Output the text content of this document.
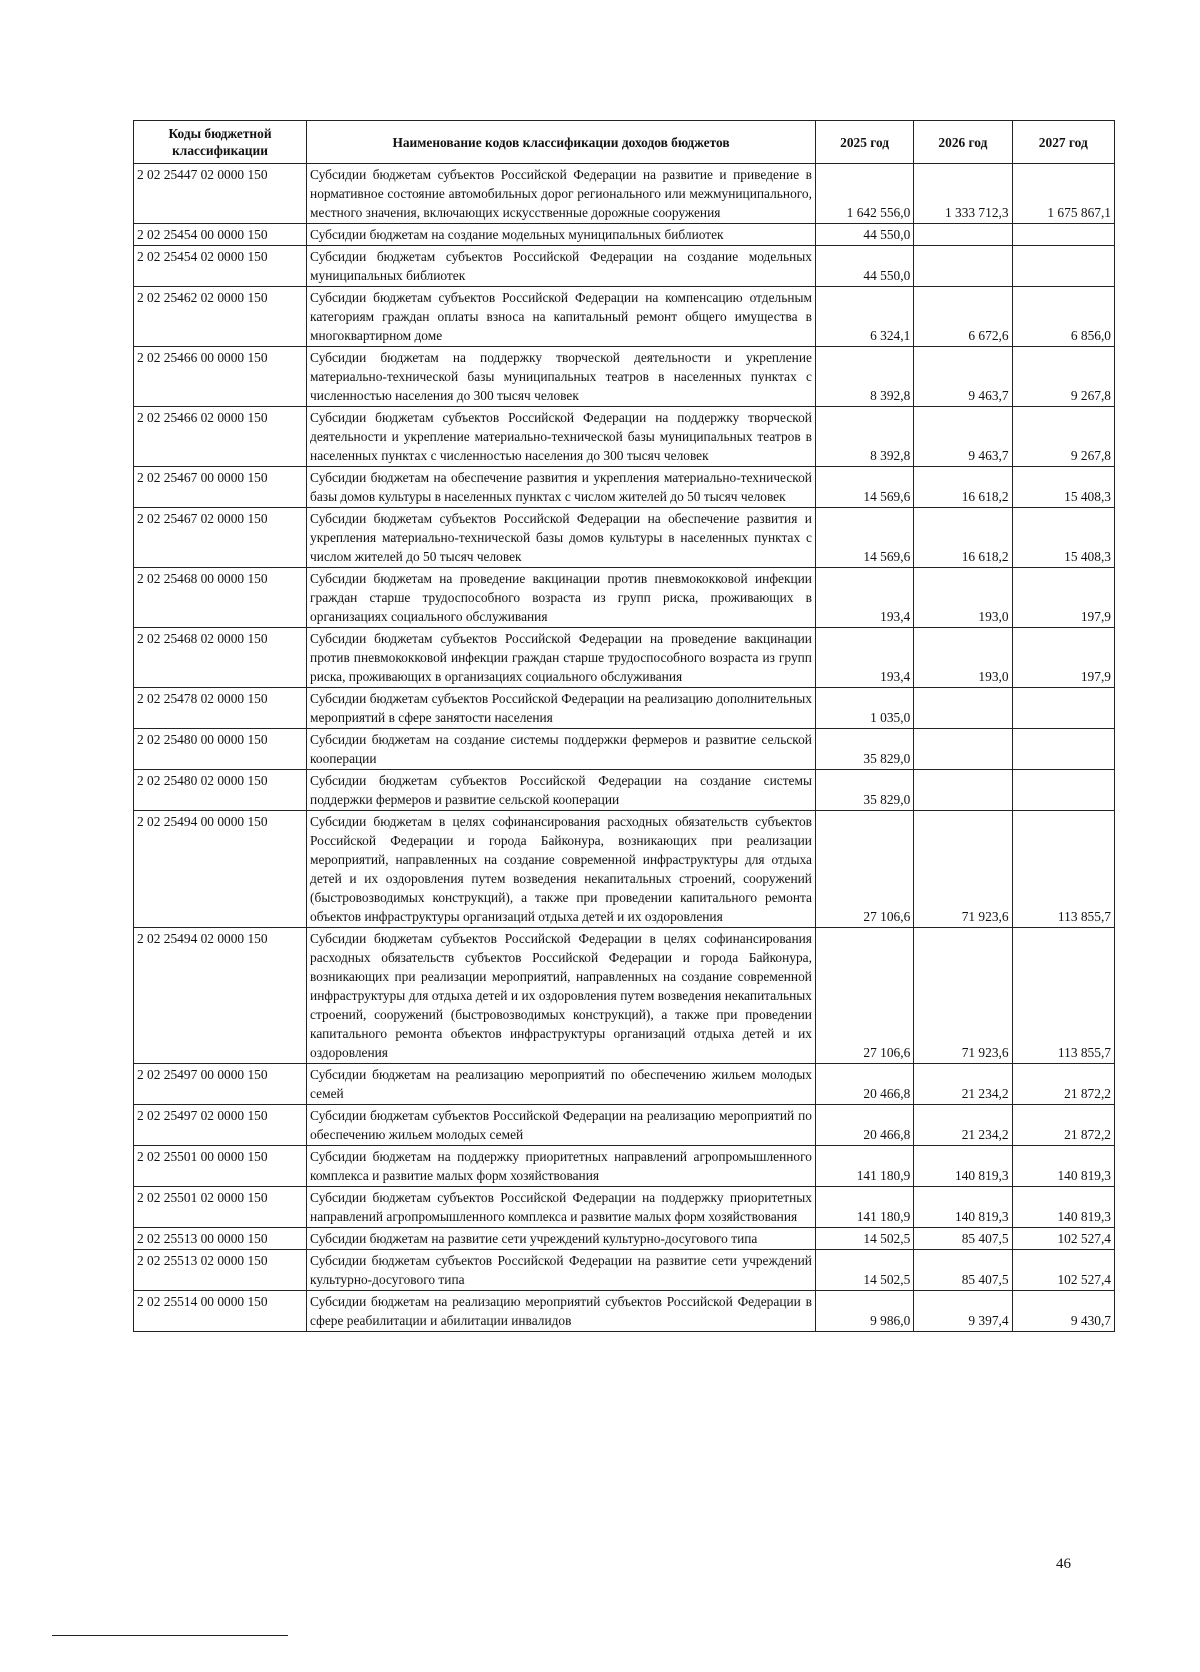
Коды бюджетной классификации	Наименование кодов классификации доходов бюджетов	2025 год	2026 год	2027 год
2 02 25447 02 0000 150	Субсидии бюджетам субъектов Российской Федерации на развитие и приведение в нормативное состояние автомобильных дорог регионального или межмуниципального, местного значения, включающих искусственные дорожные сооружения	1 642 556,0	1 333 712,3	1 675 867,1
2 02 25454 00 0000 150	Субсидии бюджетам на создание модельных муниципальных библиотек	44 550,0		
2 02 25454 02 0000 150	Субсидии бюджетам субъектов Российской Федерации на создание модельных муниципальных библиотек	44 550,0		
2 02 25462 02 0000 150	Субсидии бюджетам субъектов Российской Федерации на компенсацию отдельным категориям граждан оплаты взноса на капитальный ремонт общего имущества в многоквартирном доме	6 324,1	6 672,6	6 856,0
2 02 25466 00 0000 150	Субсидии бюджетам на поддержку творческой деятельности и укрепление материально-технической базы муниципальных театров в населенных пунктах с численностью населения до 300 тысяч человек	8 392,8	9 463,7	9 267,8
2 02 25466 02 0000 150	Субсидии бюджетам субъектов Российской Федерации на поддержку творческой деятельности и укрепление материально-технической базы муниципальных театров в населенных пунктах с численностью населения до 300 тысяч человек	8 392,8	9 463,7	9 267,8
2 02 25467 00 0000 150	Субсидии бюджетам на обеспечение развития и укрепления материально-технической базы домов культуры в населенных пунктах с числом жителей до 50 тысяч человек	14 569,6	16 618,2	15 408,3
2 02 25467 02 0000 150	Субсидии бюджетам субъектов Российской Федерации на обеспечение развития и укрепления материально-технической базы домов культуры в населенных пунктах с числом жителей до 50 тысяч человек	14 569,6	16 618,2	15 408,3
2 02 25468 00 0000 150	Субсидии бюджетам на проведение вакцинации против пневмококковой инфекции граждан старше трудоспособного возраста из групп риска, проживающих в организациях социального обслуживания	193,4	193,0	197,9
2 02 25468 02 0000 150	Субсидии бюджетам субъектов Российской Федерации на проведение вакцинации против пневмококковой инфекции граждан старше трудоспособного возраста из групп риска, проживающих в организациях социального обслуживания	193,4	193,0	197,9
2 02 25478 02 0000 150	Субсидии бюджетам субъектов Российской Федерации на реализацию дополнительных мероприятий в сфере занятости населения	1 035,0		
2 02 25480 00 0000 150	Субсидии бюджетам на создание системы поддержки фермеров и развитие сельской кооперации	35 829,0		
2 02 25480 02 0000 150	Субсидии бюджетам субъектов Российской Федерации на создание системы поддержки фермеров и развитие сельской кооперации	35 829,0		
2 02 25494 00 0000 150	Субсидии бюджетам в целях софинансирования расходных обязательств субъектов Российской Федерации и города Байконура, возникающих при реализации мероприятий, направленных на создание современной инфраструктуры для отдыха детей и их оздоровления путем возведения некапитальных строений, сооружений (быстровозводимых конструкций), а также при проведении капитального ремонта объектов инфраструктуры организаций отдыха детей и их оздоровления	27 106,6	71 923,6	113 855,7
2 02 25494 02 0000 150	Субсидии бюджетам субъектов Российской Федерации в целях софинансирования расходных обязательств субъектов Российской Федерации и города Байконура, возникающих при реализации мероприятий, направленных на создание современной инфраструктуры для отдыха детей и их оздоровления путем возведения некапитальных строений, сооружений (быстровозводимых конструкций), а также при проведении капитального ремонта объектов инфраструктуры организаций отдыха детей и их оздоровления	27 106,6	71 923,6	113 855,7
2 02 25497 00 0000 150	Субсидии бюджетам на реализацию мероприятий по обеспечению жильем молодых семей	20 466,8	21 234,2	21 872,2
2 02 25497 02 0000 150	Субсидии бюджетам субъектов Российской Федерации на реализацию мероприятий по обеспечению жильем молодых семей	20 466,8	21 234,2	21 872,2
2 02 25501 00 0000 150	Субсидии бюджетам на поддержку приоритетных направлений агропромышленного комплекса и развитие малых форм хозяйствования	141 180,9	140 819,3	140 819,3
2 02 25501 02 0000 150	Субсидии бюджетам субъектов Российской Федерации на поддержку приоритетных направлений агропромышленного комплекса и развитие малых форм хозяйствования	141 180,9	140 819,3	140 819,3
2 02 25513 00 0000 150	Субсидии бюджетам на развитие сети учреждений культурно-досугового типа	14 502,5	85 407,5	102 527,4
2 02 25513 02 0000 150	Субсидии бюджетам субъектов Российской Федерации на развитие сети учреждений культурно-досугового типа	14 502,5	85 407,5	102 527,4
2 02 25514 00 0000 150	Субсидии бюджетам на реализацию мероприятий субъектов Российской Федерации в сфере реабилитации и абилитации инвалидов	9 986,0	9 397,4	9 430,7
46
